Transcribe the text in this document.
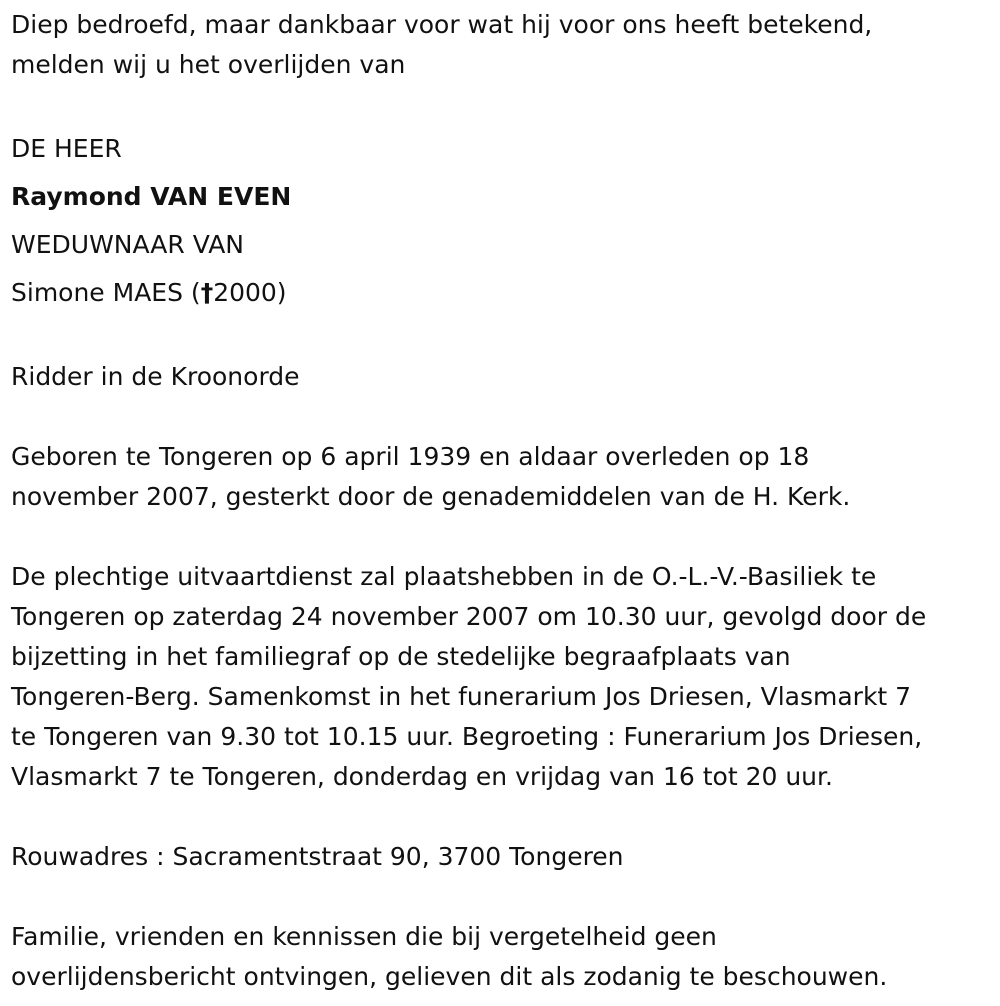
Diep bedroefd, maar dankbaar voor wat hij voor ons heeft betekend,

melden wij u het overlijden van

DE HEER

Raymond VAN EVEN

WEDUWNAAR VAN

Simone MAES (†2000)

Ridder in de Kroonorde

Geboren te Tongeren op 6 april 1939 en aldaar overleden op 18

november 2007, gesterkt door de genademiddelen van de H. Kerk.

De plechtige uitvaartdienst zal plaatshebben in de O.-L.-V.-Basiliek te

Tongeren op zaterdag 24 november 2007 om 10.30 uur, gevolgd door de

bijzetting in het familiegraf op de stedelijke begraafplaats van

Tongeren-Berg. Samenkomst in het funerarium Jos Driesen, Vlasmarkt 7

te Tongeren van 9.30 tot 10.15 uur. Begroeting : Funerarium Jos Driesen,

Vlasmarkt 7 te Tongeren, donderdag en vrijdag van 16 tot 20 uur.

Rouwadres : Sacramentstraat 90, 3700 Tongeren

Familie, vrienden en kennissen die bij vergetelheid geen

overlijdensbericht ontvingen, gelieven dit als zodanig te beschouwen.
